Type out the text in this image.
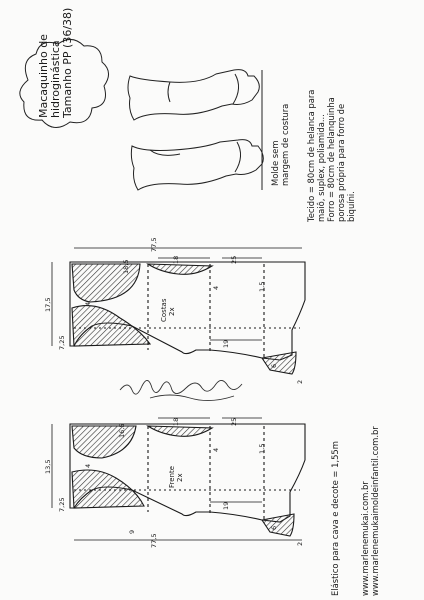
Macaquinho de hidroginástica Tamanho PP (36/38)
Molde sem margem de costura Tecido = 80cm de helanca para maiô, suplex, poliamida... Forro = 80cm de helanquinha porosa própria para forro de biquíni.
Costas 2x
77,5
17,5
18,5	18	25
4	1,5
7,25
4
19
6
2
Frente 2x
77,5
13,5
16,5
18	25
4	1,5
7,25
4
19
6
9
2	Elástico para cava e decote = 1,55m www.marlenemukai.com.br www.marlenemukaimoldeinfantil.com.br
